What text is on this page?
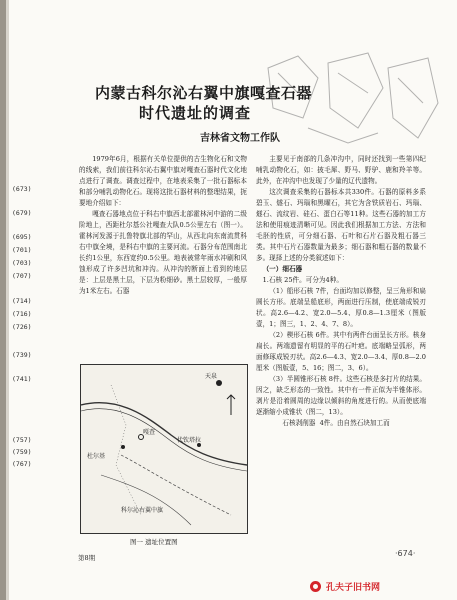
内蒙古科尔沁右翼中旗嘎查石器
时代遗址的调查
吉林省文物工作队
(673)
(679)
(695)
(701)
(703)
(707)
(714)
(716)
(726)
(739)
(741)
(757)
(759)
(767)

1979年6月，根据有关单位提供的古生物化石和文物的线索，我们前往科尔沁右翼中旗对嘎查石器时代文化地点进行了调查。调查过程中，在地表采集了一批石器标本和部分哺乳动物化石。现将这批石器材料的整理结果，扼要地介绍如下：

嘎查石器地点位于科右中旗西北部霍林河中游的二级阶地上，西距杜尔基公社嘎查大队0.5公里左右（图一）。霍林河发源于扎鲁特旗北部的罕山，从西北向东南流贯科右中旗全境，是科右中旗的主要河流。石器分布范围南北长约1公里，东西宽约0.5公里。地表被常年雨水冲刷和风蚀形成了许多凹坑和冲沟。从冲沟的断面上看到的地层是：上层是黑土层，下层为粉细砂。黑土层较厚，一般厚为1米左右。石器

主要见于南部的几条冲沟中，同时还找到一些第四纪哺乳动物化石，如：披毛犀、野马、野驴、鹿和羚羊等。此外，在冲沟中也发现了少量的辽代遗物。

这次调查采集的石器标本共330件。石器的原料多系碧玉、燧石、玛瑙和黑曜石，其它为含铁质岩石、玛瑙、燧石、流纹岩、硅石、蛋白石等11种。这些石器的加工方法和使用痕迹清晰可见。因此我们根据加工方法、方法和毛胚的性质，可分细石器、石叶和石片石器及粗石器三类。其中石片石器数量为最多；细石器和粗石器的数量不多。现择上述的分类叙述如下：

（一）细石器

1.石核 25件。可分为4种。

（1）船形石核 7件，台面均加以修整，呈三角形和扁圆长方形。底端呈船底形，两面进行压制，使底端成锐刃状。高2.6—4.2、宽2.0—5.4、厚0.8—1.3厘米（图版壹，1；图三，1、2、4、7、8）。

（2）楔形石核 6件。其中有两件台面呈长方形。核身扁长。两端遗留有明显的平的石叶疤。底端略呈弧形，两面修琢成锐刃状。高2.6—4.3、宽2.0—3.4、厚0.8—2.0厘米（图版壹，5、16；图二，3、6）。

（3）半圆锥形石核 8件。这些石核是多打片的结果。因之，缺乏形态的一致性。其中有一件正似为半锥体形。剥片是沿着圆周的边缘以倾斜的角度进行的。从而使底端逐渐缩小成锥状（图二，13）。

石核剥削器 4件。由自然石块加工而

天泉
杜尔基
嘎查
代钦塔拉
科尔沁右翼中旗
图一 遗址位置图
第8期	·674·
孔夫子旧书网
